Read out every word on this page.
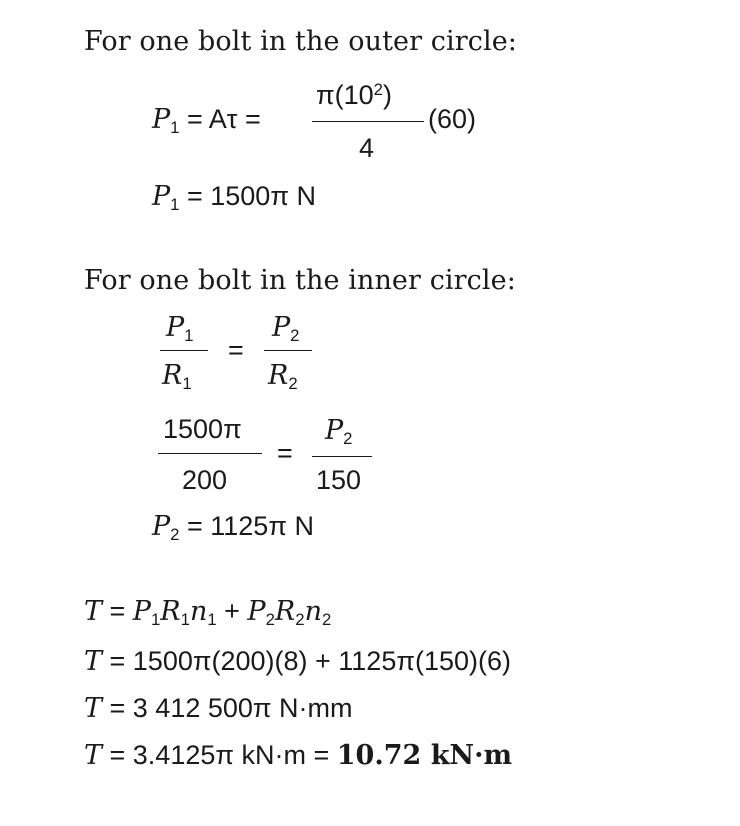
For one bolt in the outer circle:
$P_1 = A\tau$ =
$\pi(10^2)$
4
(60)
$P_1 = 1500\pi$ N
For one bolt in the inner circle:
$P_1$
$R_1$
=
$P_2$
$R_2$
1500π
200
=
$P_2$
150
$P_2 = 1125\pi$ N
$T = P_1R_1n_1 + P_2R_2n_2$
T = 1500π(200)(8) + 1125π(150)(6)
T = 3 412 500π N·mm
T = 3.4125π kN·m = 10.72 kN·m
